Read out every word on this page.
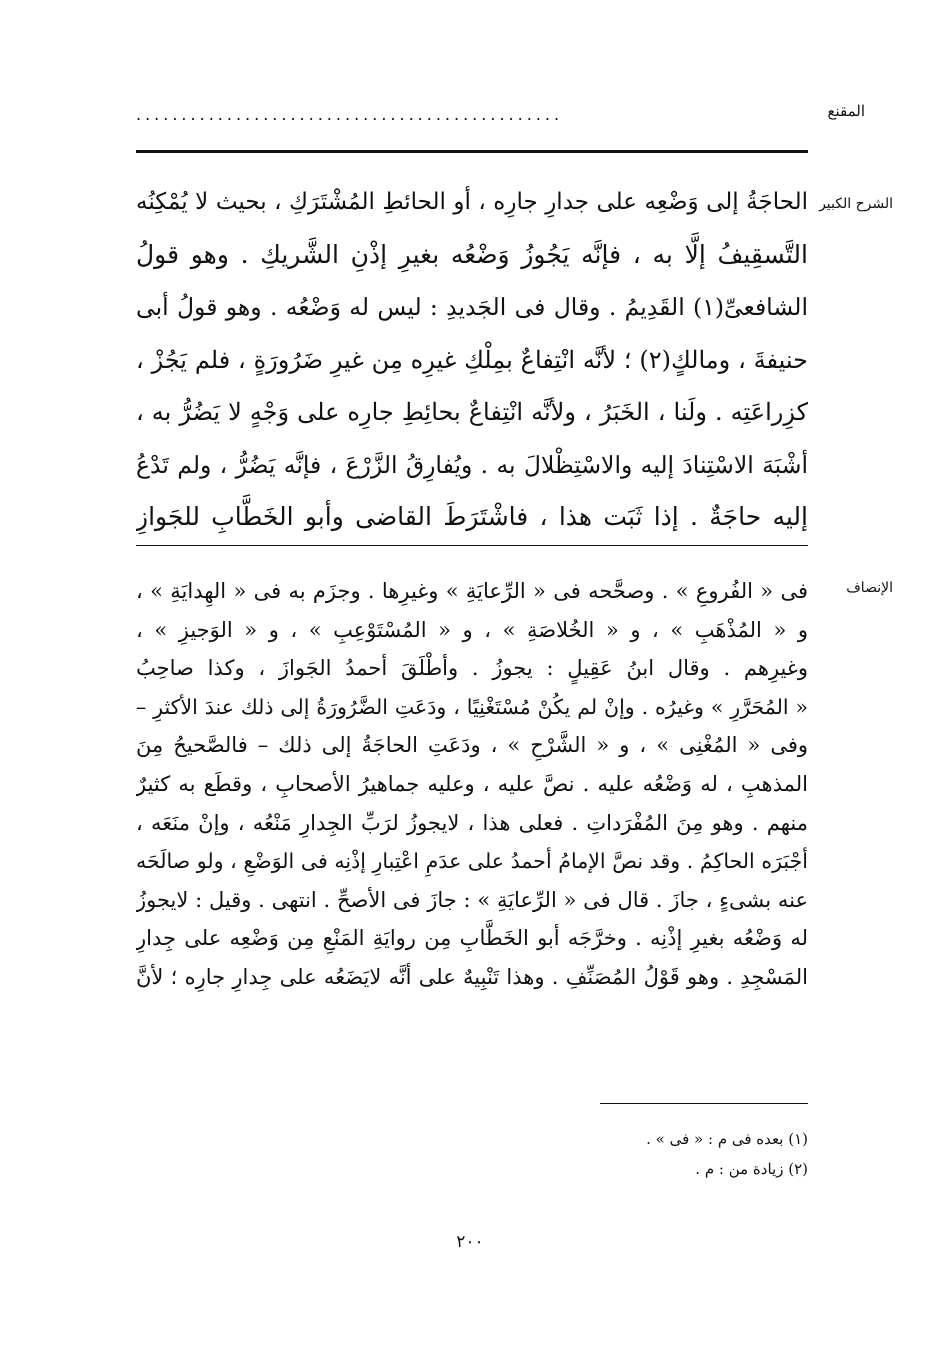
المقنع
...............................................
الشرح الكبير
الحاجَةُ إلى وَضْعِه على جدارِ جارِه ، أو الحائطِ المُشْتَرَكِ ، بحيث لا يُمْكِنُه
التَّسقِيفُ إلَّا به ، فإنَّه يَجُوزُ وَضْعُه بغيرِ إذْنِ الشَّريكِ . وهو قولُ
الشافعىِّ(١) القَدِيمُ . وقال فى الجَديدِ : ليس له وَضْعُه . وهو قولُ أبى
حنيفةَ ، ومالكٍ(٢) ؛ لأنَّه انْتِفاعٌ بمِلْكِ غيرِه مِن غيرِ ضَرُورَةٍ ، فلم يَجُزْ ،
كزِراعَتِه . ولَنا ، الخَبَرُ ، ولأنَّه انْتِفاعٌ بحائِطِ جارِه على وَجْهٍ لا يَضُرُّ به ،
أشْبَهَ الاسْتِنادَ إليه والاسْتِظْلالَ به . ويُفارِقُ الزَّرْعَ ، فإنَّه يَضُرُّ ، ولم تَدْعُ
إليه حاجَةٌ . إذا ثَبَت هذا ، فاشْتَرَطَ القاضى وأبو الخَطَّابِ للجَوازِ
الإنصاف
فى « الفُروعِ » . وصحَّحه فى « الرِّعايَةِ » وغيرِها . وجزَم به فى « الهِدايَةِ » ،
و « المُذْهَبِ » ، و « الخُلاصَةِ » ، و « المُسْتَوْعِبِ » ، و « الوَجيزِ » ،
وغيرِهم . وقال ابنُ عَقِيلٍ : يجوزُ . وأطْلَقَ أحمدُ الجَوازَ ، وكذا صاحِبُ
« المُحَرَّرِ » وغيرُه . وإنْ لم يكُنْ مُسْتَغْنِيًا ، ودَعَتِ الضَّرُورَةُ إلى ذلك عندَ الأكثرِ –
وفى « المُغْنِى » ، و « الشَّرْحِ » ، ودَعَتِ الحاجَةُ إلى ذلك – فالصَّحيحُ مِنَ
المذهبِ ، له وَضْعُه عليه . نصَّ عليه ، وعليه جماهيرُ الأصحابِ ، وقطَع به كثيرٌ
منهم . وهو مِنَ المُفْرَداتِ . فعلى هذا ، لايجوزُ لرَبِّ الجِدارِ مَنْعُه ، وإنْ منَعَه ،
أجْبَرَه الحاكِمُ . وقد نصَّ الإمامُ أحمدُ على عدَمِ اعْتِبارِ إذْنِه فى الوَضْعِ ، ولو صالَحَه
عنه بشىءٍ ، جازَ . قال فى « الرِّعايَةِ » : جازَ فى الأصحِّ . انتهى . وقيل : لايجوزُ
له وَضْعُه بغيرِ إذْنِه . وخرَّجَه أبو الخَطَّابِ مِن روايَةِ المَنْعِ مِن وَضْعِه على جِدارِ
المَسْجِدِ . وهو قَوْلُ المُصَنِّفِ . وهذا تَنْبِيهٌ على أنَّه لايَضَعُه على جِدارِ جارِه ؛ لأنَّ
(١) بعده فى م : « فى » .
(٢) زيادة من : م .
٢٠٠
